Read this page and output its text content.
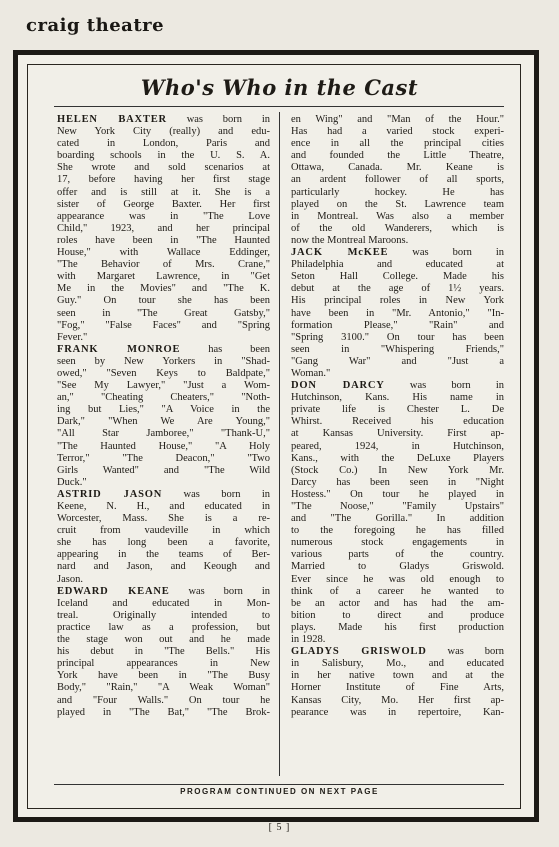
craig theatre
Who's Who in the Cast
HELEN BAXTER was born in
New York City (really) and edu-
cated in London, Paris and
boarding schools in the U. S. A.
She wrote and sold scenarios at
17, before having her first stage
offer and is still at it. She is a
sister of George Baxter. Her first
appearance was in "The Love
Child," 1923, and her principal
roles have been in "The Haunted
House," with Wallace Eddinger,
"The Behavior of Mrs. Crane,"
with Margaret Lawrence, in "Get
Me in the Movies" and "The K.
Guy." On tour she has been
seen in "The Great Gatsby,"
"Fog," "False Faces" and "Spring
Fever."
FRANK MONROE has been
seen by New Yorkers in "Shad-
owed," "Seven Keys to Baldpate,"
"See My Lawyer," "Just a Wom-
an," "Cheating Cheaters," "Noth-
ing but Lies," "A Voice in the
Dark," "When We Are Young,"
"All Star Jamboree," "Thank-U,"
"The Haunted House," "A Holy
Terror," "The Deacon," "Two
Girls Wanted" and "The Wild
Duck."
ASTRID JASON was born in
Keene, N. H., and educated in
Worcester, Mass. She is a re-
cruit from vaudeville in which
she has long been a favorite,
appearing in the teams of Ber-
nard and Jason, and Keough and
Jason.
EDWARD KEANE was born in
Iceland and educated in Mon-
treal. Originally intended to
practice law as a profession, but
the stage won out and he made
his debut in "The Bells." His
principal appearances in New
York have been in "The Busy
Body," "Rain," "A Weak Woman"
and "Four Walls." On tour he
played in "The Bat," "The Brok-
en Wing" and "Man of the Hour."
Has had a varied stock experi-
ence in all the principal cities
and founded the Little Theatre,
Ottawa, Canada. Mr. Keane is
an ardent follower of all sports,
particularly hockey. He has
played on the St. Lawrence team
in Montreal. Was also a member
of the old Wanderers, which is
now the Montreal Maroons.
JACK McKEE was born in
Philadelphia and educated at
Seton Hall College. Made his
debut at the age of 1½ years.
His principal roles in New York
have been in "Mr. Antonio," "In-
formation Please," "Rain" and
"Spring 3100." On tour has been
seen in "Whispering Friends,"
"Gang War" and "Just a
Woman."
DON DARCY was born in
Hutchinson, Kans. His name in
private life is Chester L. De
Whirst. Received his education
at Kansas University. First ap-
peared, 1924, in Hutchinson,
Kans., with the DeLuxe Players
(Stock Co.) In New York Mr.
Darcy has been seen in "Night
Hostess." On tour he played in
"The Noose," "Family Upstairs"
and "The Gorilla." In addition
to the foregoing he has filled
numerous stock engagements in
various parts of the country.
Married to Gladys Griswold.
Ever since he was old enough to
think of a career he wanted to
be an actor and has had the am-
bition to direct and produce
plays. Made his first production
in 1928.
GLADYS GRISWOLD was born
in Salisbury, Mo., and educated
in her native town and at the
Horner Institute of Fine Arts,
Kansas City, Mo. Her first ap-
pearance was in repertoire, Kan-
PROGRAM CONTINUED ON NEXT PAGE
[ 5 ]
